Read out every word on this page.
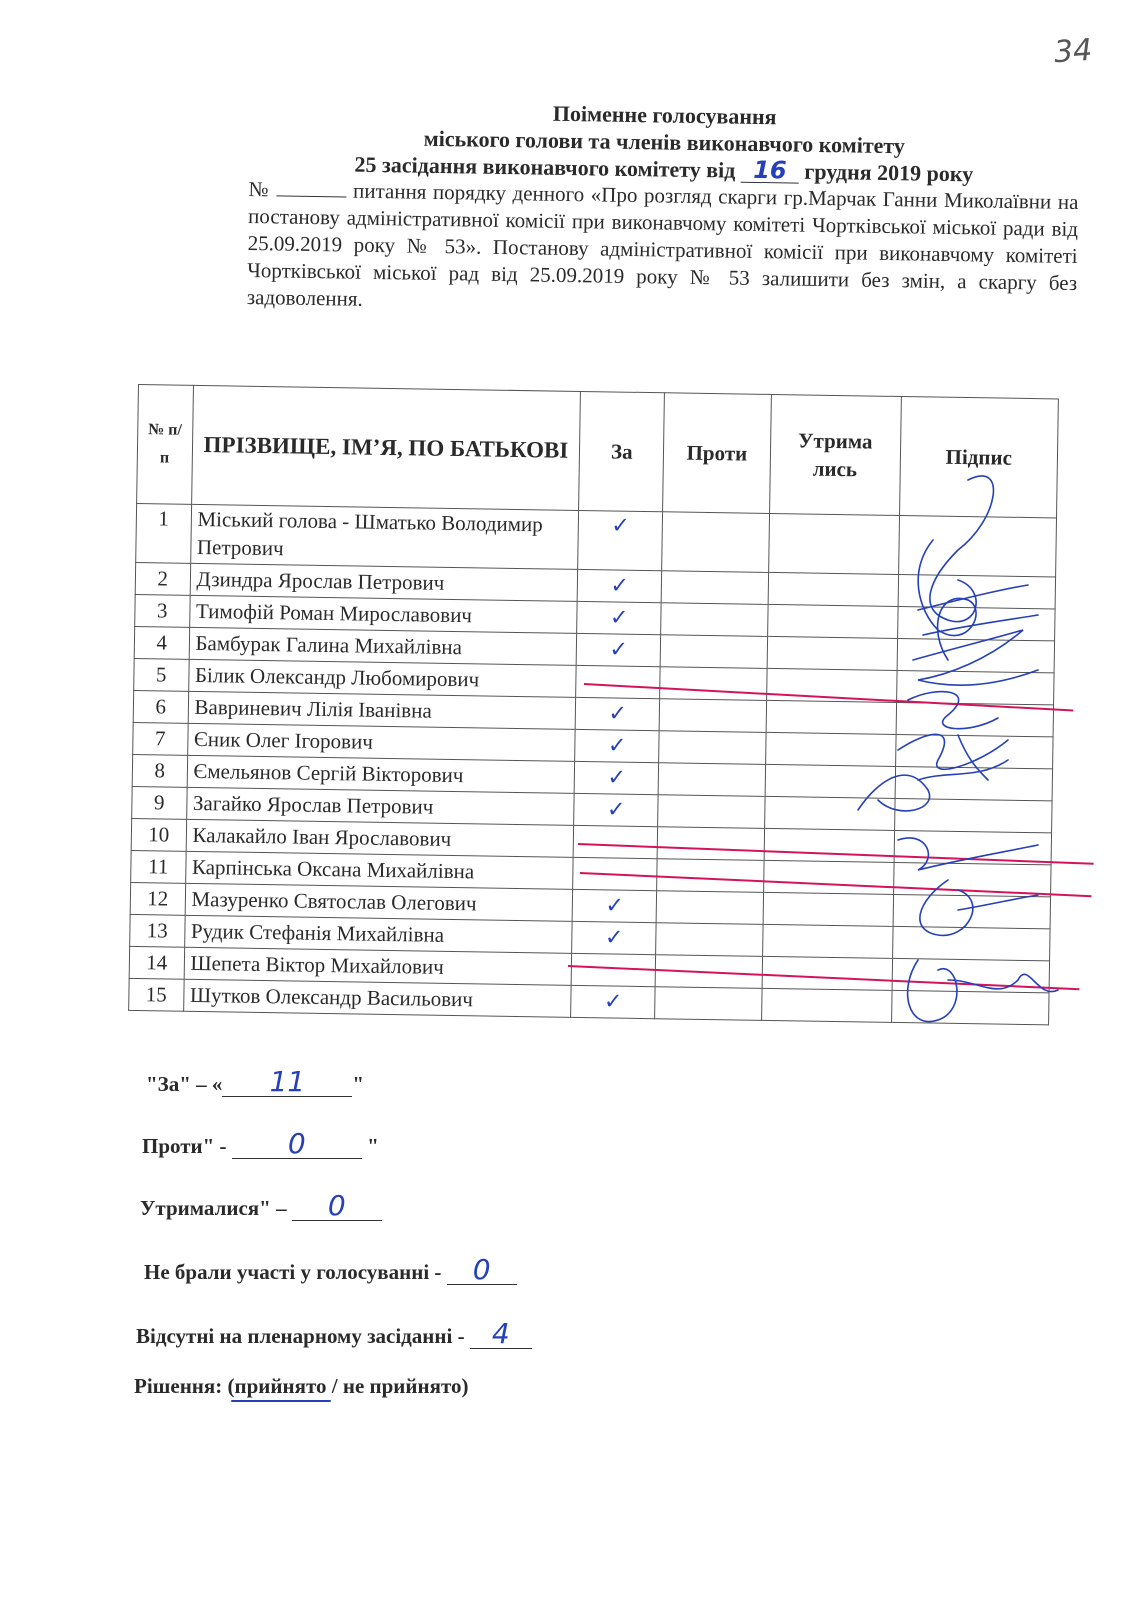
34

Поіменне голосування

міського голови та членів виконавчого комітету

25 засідання виконавчого комітету від 16 грудня 2019 року

№	питання порядку денного «Про розгляд скарги гр.Марчак Ганни Миколаївни на постанову адміністративної комісії при виконавчому комітеті Чортківської міської ради від 25.09.2019 року № 53». Постанову адміністративної комісії при виконавчому комітеті Чортківської міської рад від 25.09.2019 року № 53 залишити без змін, а скаргу без задоволення.
№ п/п	ПРІЗВИЩЕ, ІМ’Я, ПО БАТЬКОВІ	За	Проти	Утрима лись	Підпис
1	Міський голова - Шматько Володимир Петрович	✓			
2	Дзиндра Ярослав Петрович	✓			
3	Тимофій Роман Мирославович	✓			
4	Бамбурак Галина Михайлівна	✓			
5	Білик Олександр Любомирович				
6	Вавриневич Лілія Іванівна	✓			
7	Єник Олег Ігорович	✓			
8	Ємельянов Сергій Вікторович	✓			
9	Загайко Ярослав Петрович	✓			
10	Калакайло Іван Ярославович				
11	Карпінська Оксана Михайлівна				
12	Мазуренко Святослав Олегович	✓			
13	Рудик Стефанія Михайлівна	✓			
14	Шепета Віктор Михайлович				
15	Шутков Олександр Васильович	✓			
"За" – « 11 "
Проти" - 0	"
Утрималися" – 0
Не брали участі у голосуванні - 0
Відсутні на пленарному засіданні - 4
Рішення: (прийнято
/ не прийнято)
